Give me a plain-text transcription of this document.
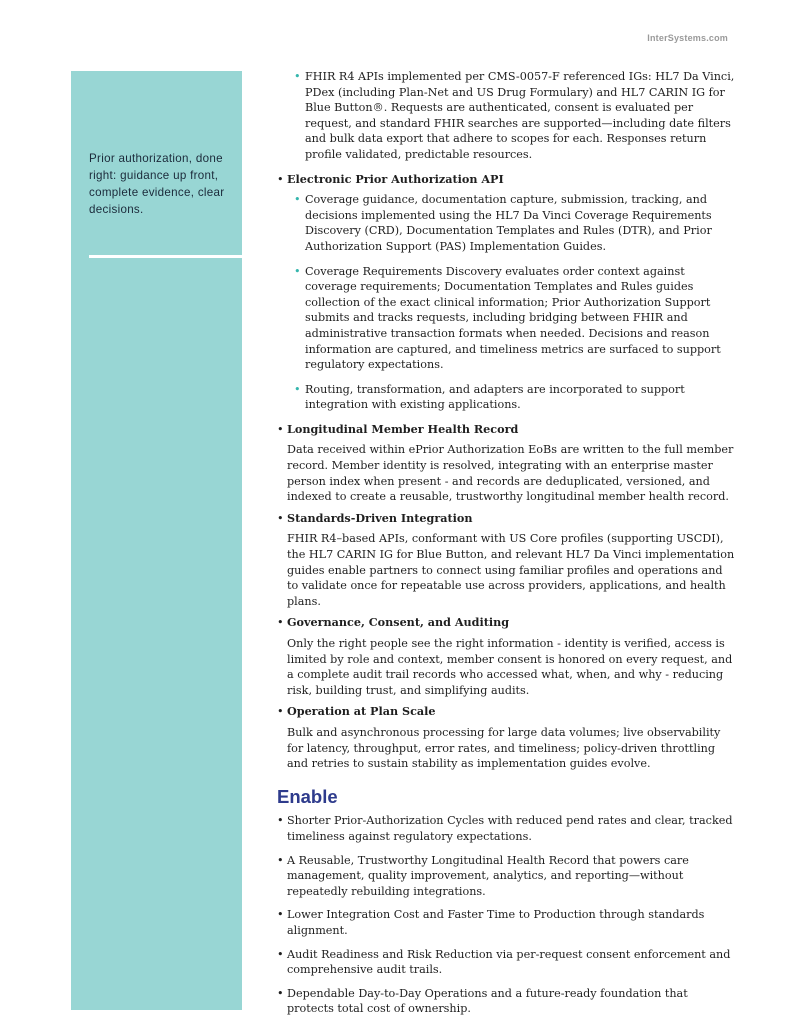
InterSystems.com
Prior authorization, done right: guidance up front, complete evidence, clear decisions.
• FHIR R4 APIs implemented per CMS-0057-F referenced IGs: HL7 Da Vinci, PDex (including Plan-Net and US Drug Formulary) and HL7 CARIN IG for Blue Button®. Requests are authenticated, consent is evaluated per request, and standard FHIR searches are supported—including date filters and bulk data export that adhere to scopes for each. Responses return profile validated, predictable resources.
• Electronic Prior Authorization API
• Coverage guidance, documentation capture, submission, tracking, and decisions implemented using the HL7 Da Vinci Coverage Requirements Discovery (CRD), Documentation Templates and Rules (DTR), and Prior Authorization Support (PAS) Implementation Guides.
• Coverage Requirements Discovery evaluates order context against coverage requirements; Documentation Templates and Rules guides collection of the exact clinical information; Prior Authorization Support submits and tracks requests, including bridging between FHIR and administrative transaction formats when needed. Decisions and reason information are captured, and timeliness metrics are surfaced to support regulatory expectations.
• Routing, transformation, and adapters are incorporated to support integration with existing applications.
• Longitudinal Member Health Record
Data received within ePrior Authorization EoBs are written to the full member record. Member identity is resolved, integrating with an enterprise master person index when present - and records are deduplicated, versioned, and indexed to create a reusable, trustworthy longitudinal member health record.
• Standards-Driven Integration
FHIR R4–based APIs, conformant with US Core profiles (supporting USCDI), the HL7 CARIN IG for Blue Button, and relevant HL7 Da Vinci implementation guides enable partners to connect using familiar profiles and operations and to validate once for repeatable use across providers, applications, and health plans.
• Governance, Consent, and Auditing
Only the right people see the right information - identity is verified, access is limited by role and context, member consent is honored on every request, and a complete audit trail records who accessed what, when, and why - reducing risk, building trust, and simplifying audits.
• Operation at Plan Scale
Bulk and asynchronous processing for large data volumes; live observability for latency, throughput, error rates, and timeliness; policy-driven throttling and retries to sustain stability as implementation guides evolve.
Enable
• Shorter Prior-Authorization Cycles with reduced pend rates and clear, tracked timeliness against regulatory expectations.
• A Reusable, Trustworthy Longitudinal Health Record that powers care management, quality improvement, analytics, and reporting—without repeatedly rebuilding integrations.
• Lower Integration Cost and Faster Time to Production through standards alignment.
• Audit Readiness and Risk Reduction via per-request consent enforcement and comprehensive audit trails.
• Dependable Day-to-Day Operations and a future-ready foundation that protects total cost of ownership.
